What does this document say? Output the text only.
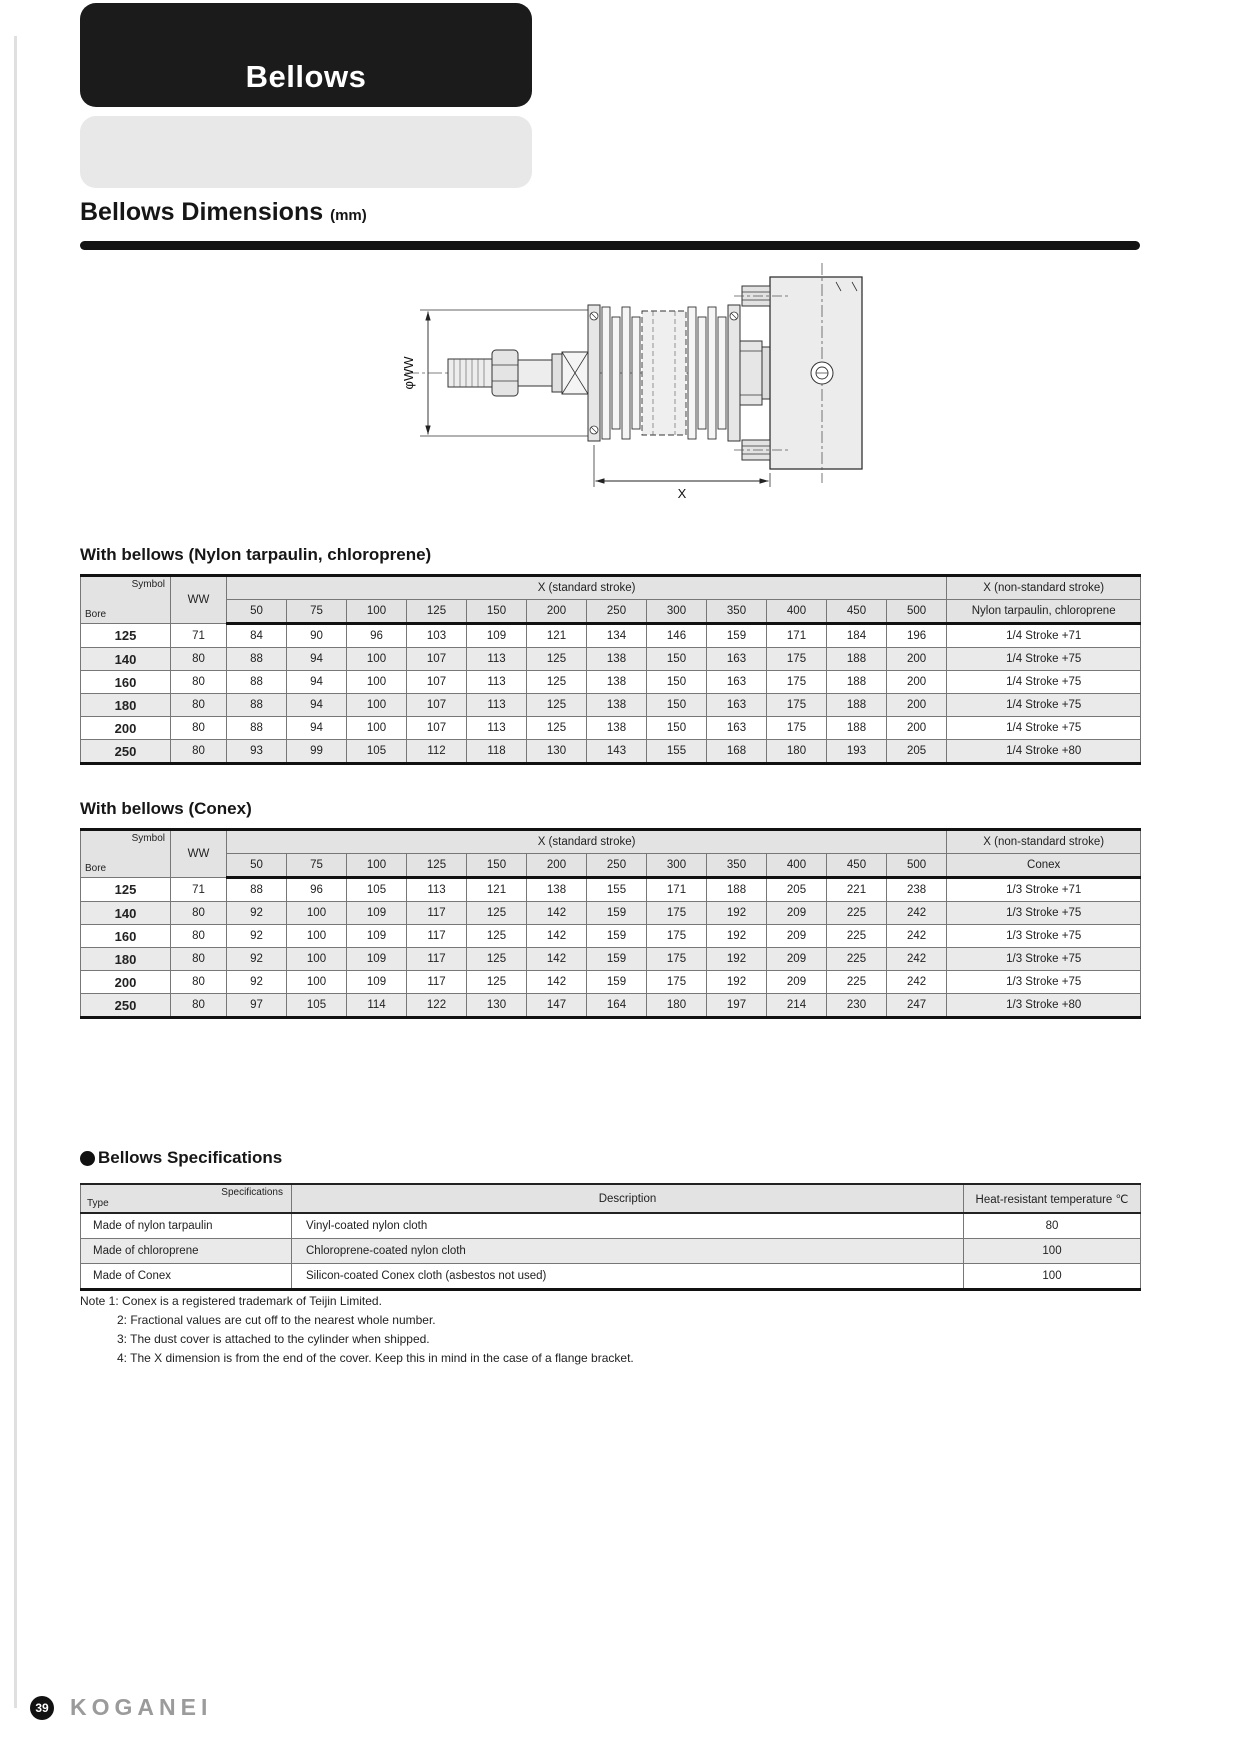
Bellows
Bellows Dimensions (mm)
φWW
X
With bellows (Nylon tarpaulin, chloroprene)
Symbol
Bore	WW	X (standard stroke)												X (non-standard stroke)
		50	75	100	125	150	200	250	300	350	400	450	500	Nylon tarpaulin, chloroprene
125	71	84	90	96	103	109	121	134	146	159	171	184	196	1/4 Stroke +71
140	80	88	94	100	107	113	125	138	150	163	175	188	200	1/4 Stroke +75
160	80	88	94	100	107	113	125	138	150	163	175	188	200	1/4 Stroke +75
180	80	88	94	100	107	113	125	138	150	163	175	188	200	1/4 Stroke +75
200	80	88	94	100	107	113	125	138	150	163	175	188	200	1/4 Stroke +75
250	80	93	99	105	112	118	130	143	155	168	180	193	205	1/4 Stroke +80
With bellows (Conex)
Symbol
Bore	WW	X (standard stroke)												X (non-standard stroke)
		50	75	100	125	150	200	250	300	350	400	450	500	Conex
125	71	88	96	105	113	121	138	155	171	188	205	221	238	1/3 Stroke +71
140	80	92	100	109	117	125	142	159	175	192	209	225	242	1/3 Stroke +75
160	80	92	100	109	117	125	142	159	175	192	209	225	242	1/3 Stroke +75
180	80	92	100	109	117	125	142	159	175	192	209	225	242	1/3 Stroke +75
200	80	92	100	109	117	125	142	159	175	192	209	225	242	1/3 Stroke +75
250	80	97	105	114	122	130	147	164	180	197	214	230	247	1/3 Stroke +80
Bellows Specifications
Specifications
Type	Description	Heat-resistant temperature ℃
Made of nylon tarpaulin	Vinyl-coated nylon cloth	80
Made of chloroprene	Chloroprene-coated nylon cloth	100
Made of Conex	Silicon-coated Conex cloth (asbestos not used)	100
Note 1: Conex is a registered trademark of Teijin Limited.
2: Fractional values are cut off to the nearest whole number.
3: The dust cover is attached to the cylinder when shipped.
4: The X dimension is from the end of the cover. Keep this in mind in the case of a flange bracket.
39 KOGANEI
